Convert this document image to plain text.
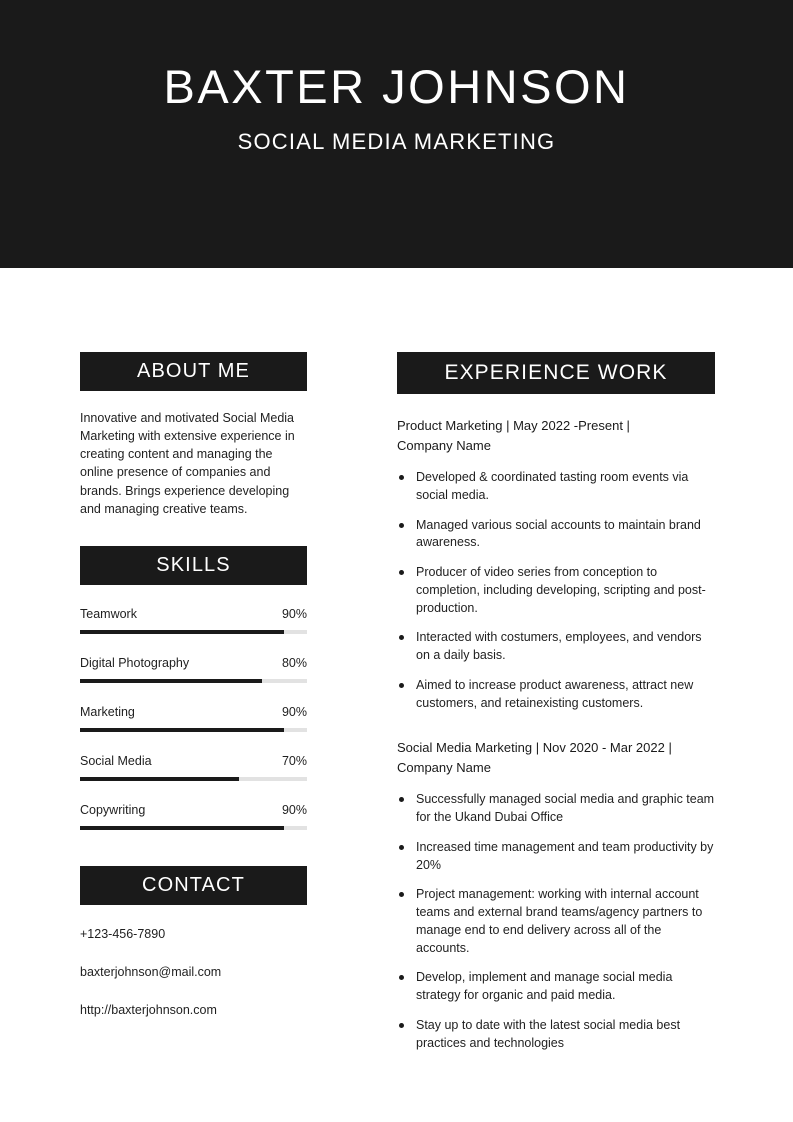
BAXTER JOHNSON
SOCIAL MEDIA MARKETING
ABOUT ME
Innovative and motivated Social Media Marketing with extensive experience in creating content and managing the online presence of companies and brands. Brings experience developing and managing creative teams.
SKILLS
Teamwork	90%
Digital Photography	80%
Marketing	90%
Social Media	70%
Copywriting	90%
CONTACT
+123-456-7890
baxterjohnson@mail.com
http://baxterjohnson.com
EXPERIENCE WORK
Product Marketing | May 2022 -Present |
Company Name
Developed & coordinated tasting room events via social media.
Managed various social accounts to maintain brand awareness.
Producer of video series from conception to completion, including developing, scripting and post-production.
Interacted with costumers, employees, and vendors on a daily basis.
Aimed to increase product awareness, attract new customers, and retainexisting customers.
Social Media Marketing | Nov 2020 - Mar 2022 |
Company Name
Successfully managed social media and graphic team for the Ukand Dubai Office
Increased time management and team productivity by 20%
Project management: working with internal account teams and external brand teams/agency partners to manage end to end delivery across all of the accounts.
Develop, implement and manage social media strategy for organic and paid media.
Stay up to date with the latest social media best practices and technologies
